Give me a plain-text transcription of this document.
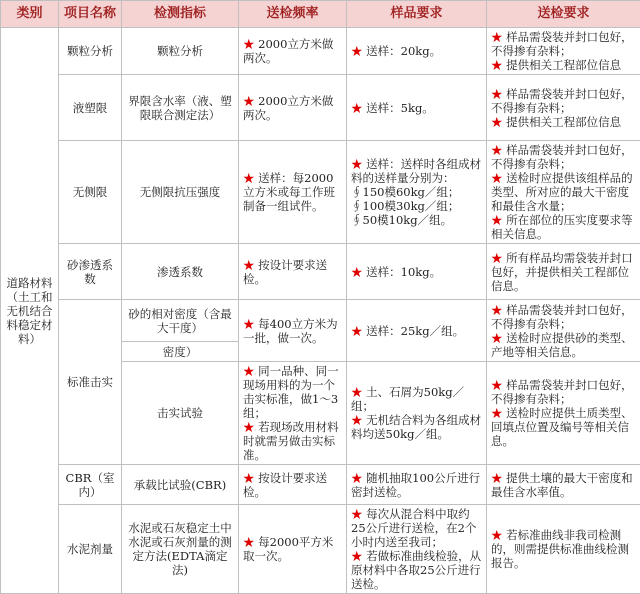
类别	项目名称	检测指标	送检频率	样品要求	送检要求
道路材料（土工和无机结合料稳定材料）	颗粒分析	颗粒分析	★ 2000立方米做两次。	★ 送样：20kg。	★ 样品需袋装并封口包好，不得掺有杂料；
★ 提供相关工程部位信息

	液塑限	界限含水率（液、塑限联合测定法）	★ 2000立方米做两次。	★ 送样：5kg。	★ 样品需袋装并封口包好，不得掺有杂料；
★ 提供相关工程部位信息

	无侧限	无侧限抗压强度	★ 送样：每2000立方米或每工作班制备一组试件。	★ 送样：送样时各组成材料的送样量分别为：∮150模60kg／组；∮100模30kg／组；∮50模10kg／组。	★ 样品需袋装并封口包好，不得掺有杂料；
★ 送检时应提供该组样品的类型、所对应的最大干密度和最佳含水量；
★ 所在部位的压实度要求等相关信息。

	砂渗透系数	渗透系数	★ 按设计要求送检。	★ 送样：10kg。	★ 所有样品均需袋装并封口包好，并提供相关工程部位信息。

	标准击实	砂的相对密度（含最大干度）	★ 每400立方米为一批，做一次。	★ 送样：25kg／组。	★ 样品需袋装并封口包好，不得掺有杂料；
★ 送检时应提供砂的类型、产地等相关信息。

		密度）			
		击实试验	★ 同一品种、同一现场用料的为一个击实标准，做1～3组；
★ 若现场改用材料时就需另做击实标准。	★ 土、石屑为50kg／组；
★ 无机结合料为各组成材料均送50kg／组。	★ 样品需袋装并封口包好，不得掺有杂料；
★ 送检时应提供土质类型、回填点位置及编号等相关信息。

	CBR（室内）	承载比试验(CBR)	★ 按设计要求送检。	★ 随机抽取100公斤进行密封送检。	★ 提供土壤的最大干密度和最佳含水率值。

	水泥剂量	水泥或石灰稳定土中水泥或石灰剂量的测定方法(EDTA滴定法)	★ 每2000平方米取一次。	★ 每次从混合料中取约25公斤进行送检，在2个小时内送至我司；
★ 若做标准曲线检验，从原材料中各取25公斤进行送检。	★ 若标准曲线非我司检测的，则需提供标准曲线检测报告。
